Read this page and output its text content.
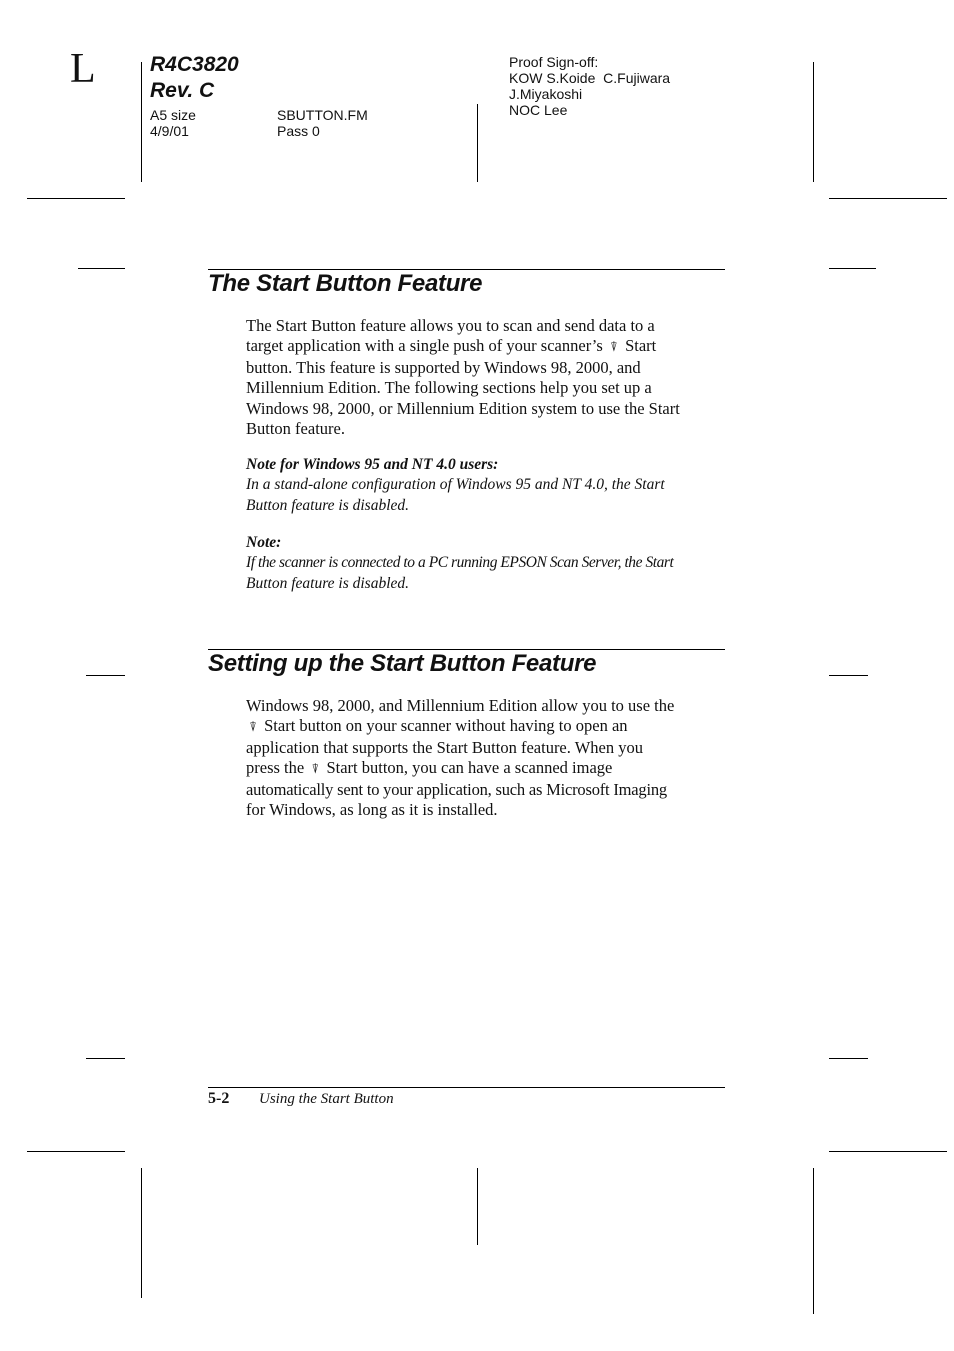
L	R4C3820
Rev. C
A5 size
4/9/01
SBUTTON.FM
Pass 0
Proof Sign-off:
KOW S.Koide  C.Fujiwara
J.Miyakoshi
NOC Lee
The Start Button Feature
The Start Button feature allows you to scan and send data to a
target application with a single push of your scanner’s ⍒ Start
button. This feature is supported by Windows 98, 2000, and
Millennium Edition. The following sections help you set up a
Windows 98, 2000, or Millennium Edition system to use the Start
Button feature.
Note for Windows 95 and NT 4.0 users:
In a stand-alone configuration of Windows 95 and NT 4.0, the Start
Button feature is disabled.
Note:
If the scanner is connected to a PC running EPSON Scan Server, the Start
Button feature is disabled.
Setting up the Start Button Feature
Windows 98, 2000, and Millennium Edition allow you to use the
⍒ Start button on your scanner without having to open an
application that supports the Start Button feature. When you
press the ⍒ Start button, you can have a scanned image
automatically sent to your application, such as Microsoft Imaging
for Windows, as long as it is installed.
5-2 Using the Start Button
